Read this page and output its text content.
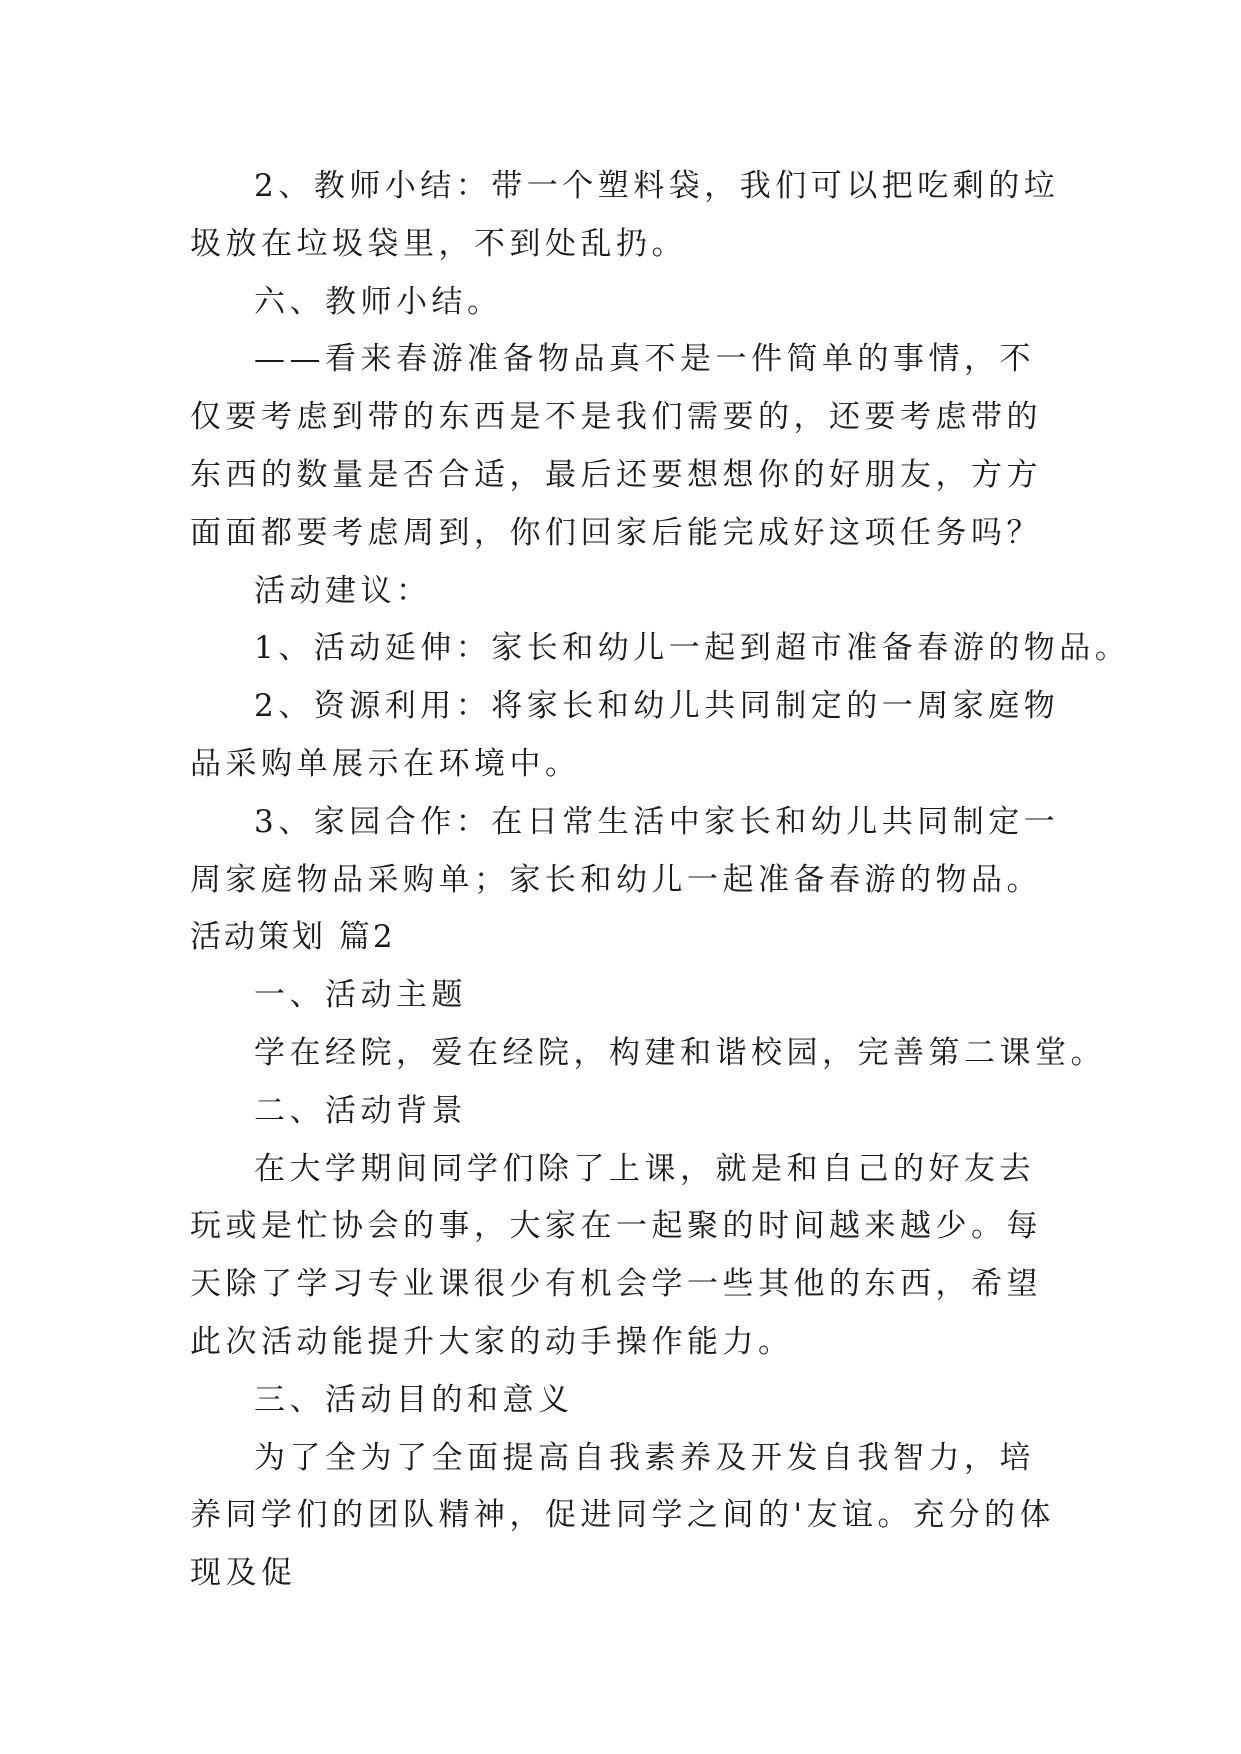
2、教师小结：带一个塑料袋，我们可以把吃剩的垃圾放在垃圾袋里，不到处乱扔。

六、教师小结。

——看来春游准备物品真不是一件简单的事情，不仅要考虑到带的东西是不是我们需要的，还要考虑带的东西的数量是否合适，最后还要想想你的好朋友，方方面面都要考虑周到，你们回家后能完成好这项任务吗？

活动建议：

1、活动延伸：家长和幼儿一起到超市准备春游的物品。

2、资源利用：将家长和幼儿共同制定的一周家庭物品采购单展示在环境中。

3、家园合作：在日常生活中家长和幼儿共同制定一周家庭物品采购单；家长和幼儿一起准备春游的物品。

活动策划 篇2

一、活动主题

学在经院，爱在经院，构建和谐校园，完善第二课堂。

二、活动背景

在大学期间同学们除了上课，就是和自己的好友去玩或是忙协会的事，大家在一起聚的时间越来越少。每天除了学习专业课很少有机会学一些其他的东西，希望此次活动能提升大家的动手操作能力。

三、活动目的和意义

为了全为了全面提高自我素养及开发自我智力，培养同学们的团队精神，促进同学之间的'友谊。充分的体现及促
